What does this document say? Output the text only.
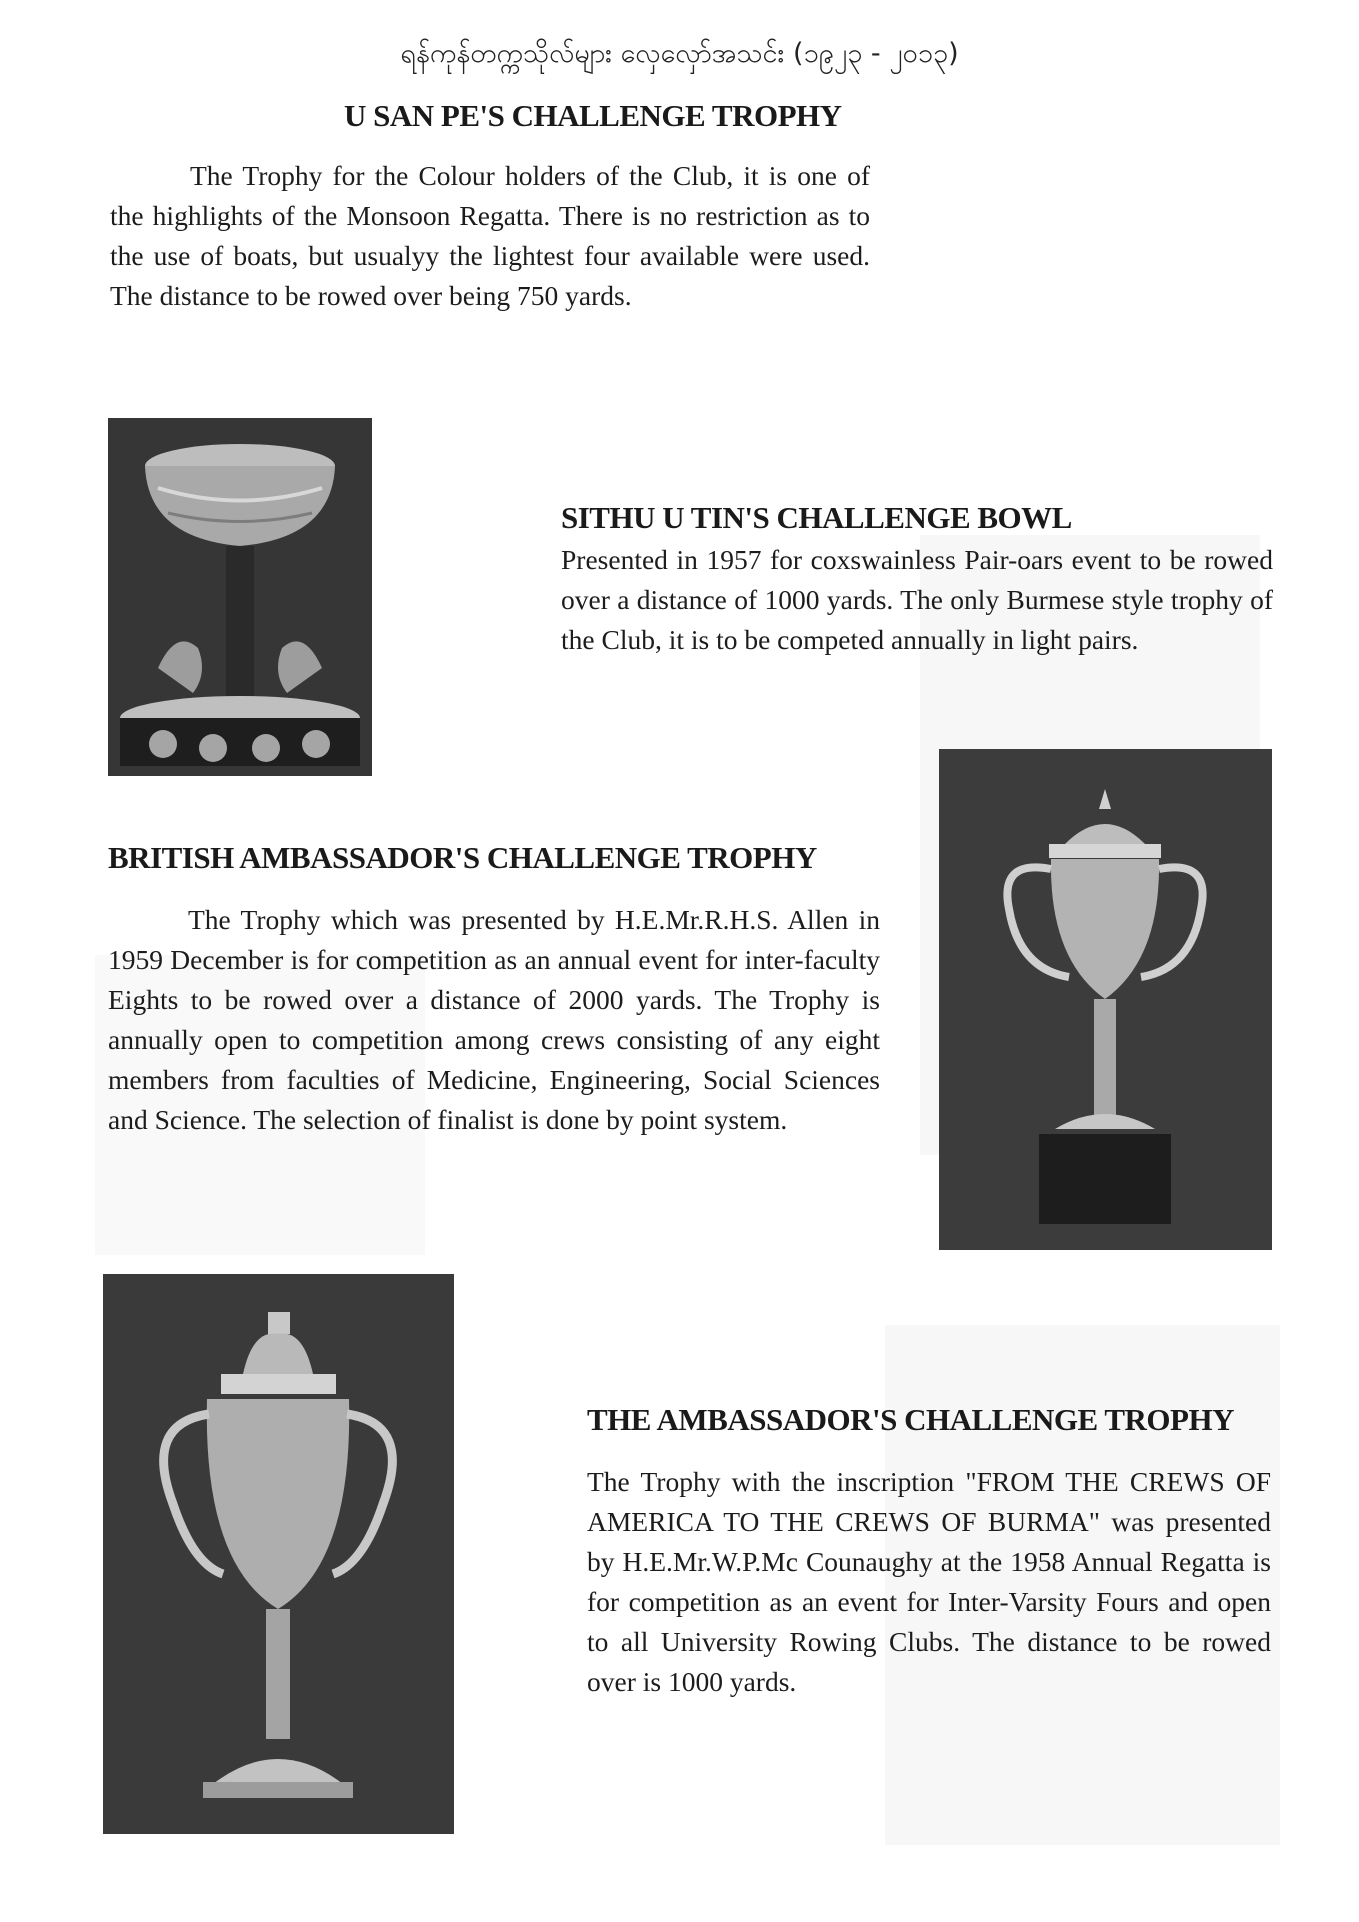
ရန်ကုန်တက္ကသိုလ်များ လှေလှော်အသင်း (၁၉၂၃ - ၂၀၁၃)
U SAN PE'S CHALLENGE TROPHY

The Trophy for the Colour holders of the Club, it is one of the highlights of the Monsoon Regatta. There is no restriction as to the use of boats, but usualyy the lightest four available were used. The distance to be rowed over being 750 yards.

SITHU U TIN'S CHALLENGE BOWL

Presented in 1957 for coxswainless Pair-oars event to be rowed over a distance of 1000 yards. The only Burmese style trophy of the Club, it is to be competed annually in light pairs.

BRITISH AMBASSADOR'S CHALLENGE TROPHY

The Trophy which was presented by H.E.Mr.R.H.S. Allen in 1959 December is for competition as an annual event for inter-faculty Eights to be rowed over a distance of 2000 yards. The Trophy is annually open to competition among crews consisting of any eight members from faculties of Medicine, Engineering, Social Sciences and Science. The selection of finalist is done by point system.

THE AMBASSADOR'S CHALLENGE TROPHY

The Trophy with the inscription "FROM THE CREWS OF AMERICA TO THE CREWS OF BURMA" was presented by H.E.Mr.W.P.Mc Counaughy at the 1958 Annual Regatta is for competition as an event for Inter-Varsity Fours and open to all University Rowing Clubs. The distance to be rowed over is 1000 yards.
